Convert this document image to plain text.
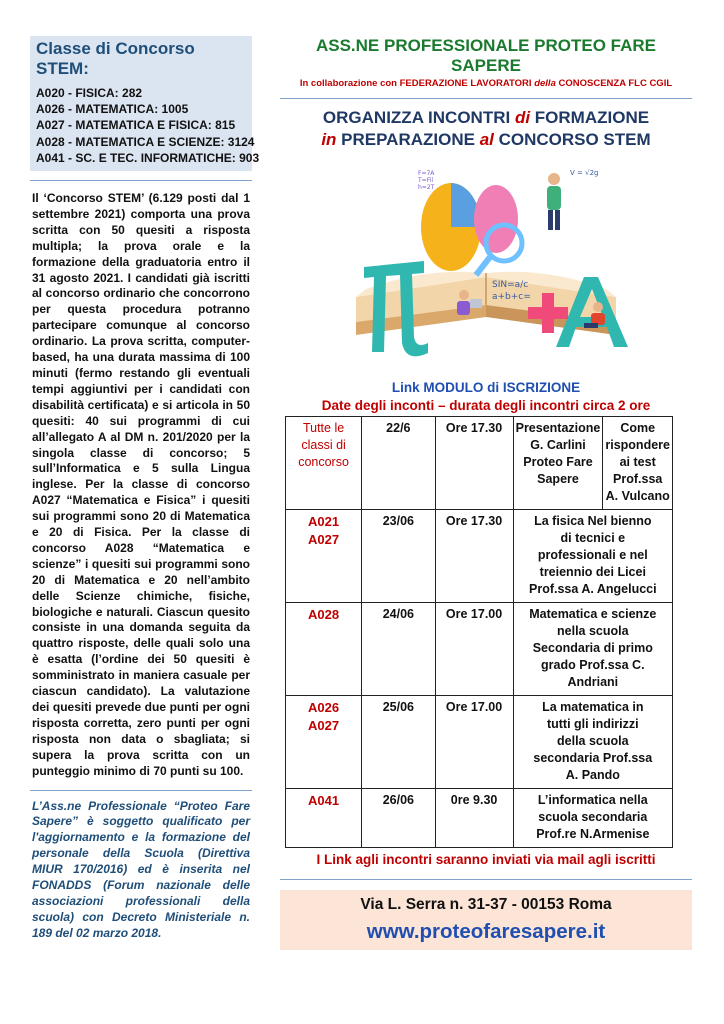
Classe di Concorso STEM:
A020 - FISICA: 282
A026 - MATEMATICA: 1005
A027 - MATEMATICA E FISICA: 815
A028 - MATEMATICA E SCIENZE: 3124
A041 - SC. E TEC. INFORMATICHE: 903
Il ‘Concorso STEM’ (6.129 posti dal 1 settembre 2021) comporta una prova scritta con 50 quesiti a risposta multipla; la prova orale e la formazione della graduatoria entro il 31 agosto 2021. I candidati già iscritti al concorso ordinario che concorrono per questa procedura potranno partecipare comunque al concorso ordinario. La prova scritta, computer-based, ha una durata massima di 100 minuti (fermo restando gli eventuali tempi aggiuntivi per i candidati con disabilità certificata) e si articola in 50 quesiti: 40 sui programmi di cui all’allegato A al DM n. 201/2020 per la singola classe di concorso; 5 sull’Informatica e 5 sulla Lingua inglese. Per la classe di concorso A027 “Matematica e Fisica” i quesiti sui programmi sono 20 di Matematica e 20 di Fisica. Per la classe di concorso A028 “Matematica e scienze” i quesiti sui programmi sono 20 di Matematica e 20 nell’ambito delle Scienze chimiche, fisiche, biologiche e naturali. Ciascun quesito consiste in una domanda seguita da quattro risposte, delle quali solo una è esatta (l’ordine dei 50 quesiti è somministrato in maniera casuale per ciascun candidato). La valutazione dei quesiti prevede due punti per ogni risposta corretta, zero punti per ogni risposta non data o sbagliata; si supera la prova scritta con un punteggio minimo di 70 punti su 100.
L’Ass.ne Professionale “Proteo Fare Sapere” è soggetto qualificato per l'aggiornamento e la formazione del personale della Scuola (Direttiva MIUR 170/2016) ed è inserita nel FONADDS (Forum nazionale delle associazioni professionali della scuola) con Decreto Ministeriale n. 189 del 02 marzo 2018.
ASS.NE PROFESSIONALE PROTEO FARE SAPERE
In collaborazione con FEDERAZIONE LAVORATORI della CONOSCENZA FLC CGIL
ORGANIZZA INCONTRI di FORMAZIONE
in PREPARAZIONE al CONCORSO STEM
SIN=a/c
a+b+c=
F=7A
T=Fil
h=2T
V = √2g
Link MODULO di ISCRIZIONE
Date degli inconti – durata degli incontri circa 2 ore
Tutte le classi di concorso	22/6	Ore 17.30	Presentazione G. Carlini Proteo Fare Sapere	Come rispondere ai test Prof.ssa A. Vulcano

A021
A027	23/06	Ore 17.30	La fisica Nel bienno di tecnici e professionali e nel treiennio dei Licei Prof.ssa A. Angelucci	

A028	24/06	Ore 17.00	Matematica e scienze nella scuola Secondaria di primo grado Prof.ssa C. Andriani	

A026
A027	25/06	Ore 17.00	La matematica in tutti gli indirizzi della scuola secondaria Prof.ssa A. Pando	

A041	26/06	0re 9.30	L’informatica nella scuola secondaria Prof.re N.Armenise	
I Link agli incontri saranno inviati via mail agli iscritti
Via L. Serra n. 31-37 - 00153 Roma
www.proteofaresapere.it
